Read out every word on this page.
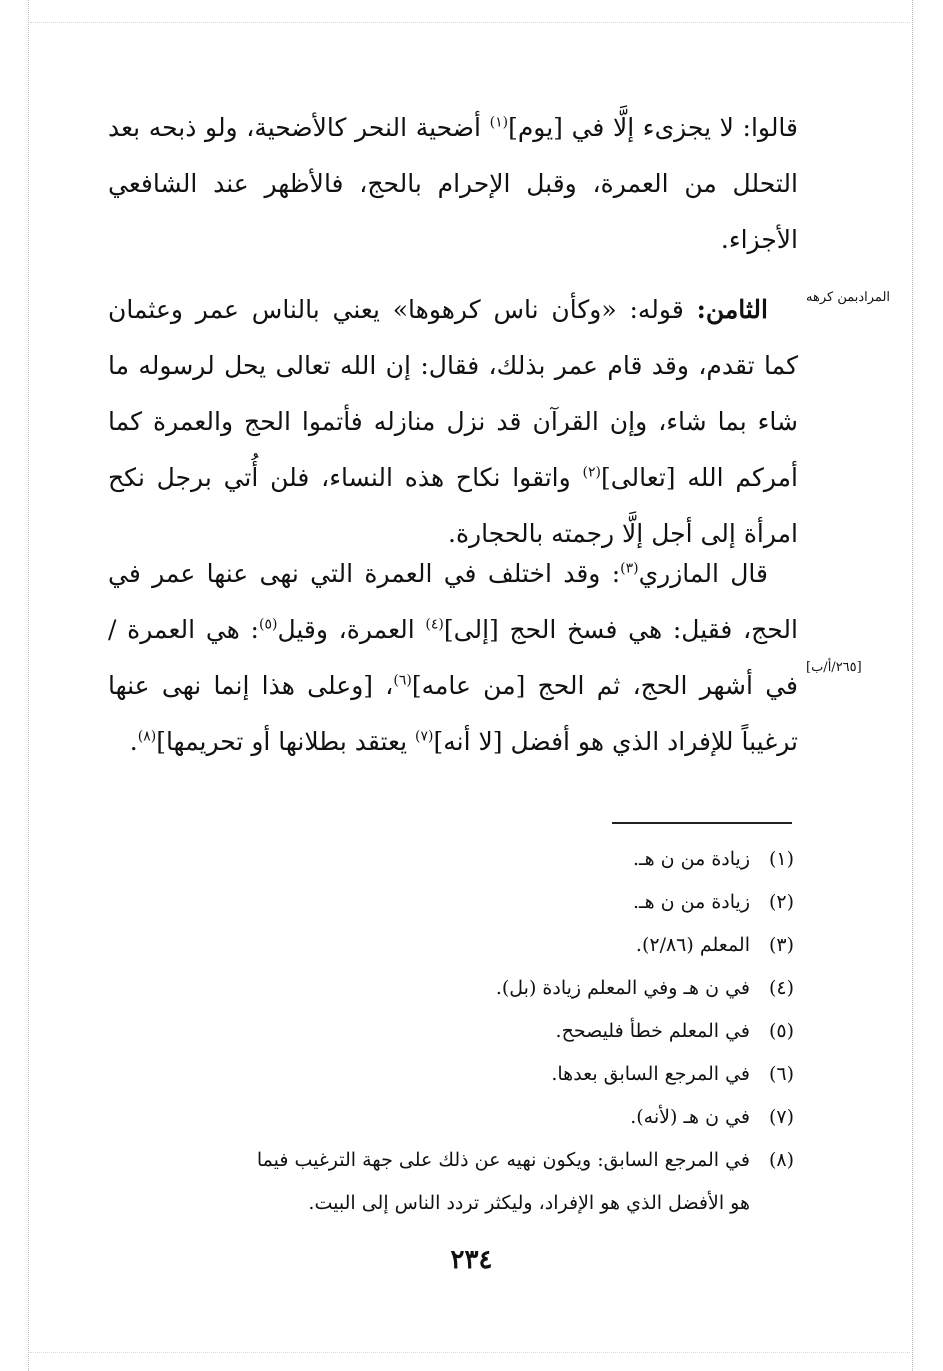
قالوا: لا يجزىء إلَّا في [يوم]$^{(١)}$ أضحية النحر كالأضحية، ولو ذبحه بعد التحلل من العمرة، وقبل الإحرام بالحج، فالأظهر عند الشافعي الأجزاء.

المرادبمن كرهه

الثامن: قوله: «وكأن ناس كرهوها» يعني بالناس عمر وعثمان كما تقدم، وقد قام عمر بذلك، فقال: إن الله تعالى يحل لرسوله ما شاء بما شاء، وإن القرآن قد نزل منازله فأتموا الحج والعمرة كما أمركم الله [تعالى]$^{(٢)}$ واتقوا نكاح هذه النساء، فلن أُتي برجل نكح امرأة إلى أجل إلَّا رجمته بالحجارة.

قال المازري$^{(٣)}$: وقد اختلف في العمرة التي نهى عنها عمر في الحج، فقيل: هي فسخ الحج [إلى]$^{(٤)}$ العمرة، وقيل$^{(٥)}$: هي العمرة / في أشهر الحج، ثم الحج [من عامه]$^{(٦)}$، [وعلى هذا إنما نهى عنها ترغيباً للإفراد الذي هو أفضل [لا أنه]$^{(٧)}$ يعتقد بطلانها أو تحريمها]$^{(٨)}$.

[٢٦٥/أ/ب]
(١)
زيادة من ن هـ.
(٢)
زيادة من ن هـ.
(٣)
المعلم (٢/٨٦).
(٤)
في ن هـ وفي المعلم زيادة (بل).
(٥)
في المعلم خطأ فليصحح.
(٦)
في المرجع السابق بعدها.
(٧)
في ن هـ (لأنه).
(٨)
في المرجع السابق: ويكون نهيه عن ذلك على جهة الترغيب فيما هو الأفضل الذي هو الإفراد، وليكثر تردد الناس إلى البيت.
٢٣٤
